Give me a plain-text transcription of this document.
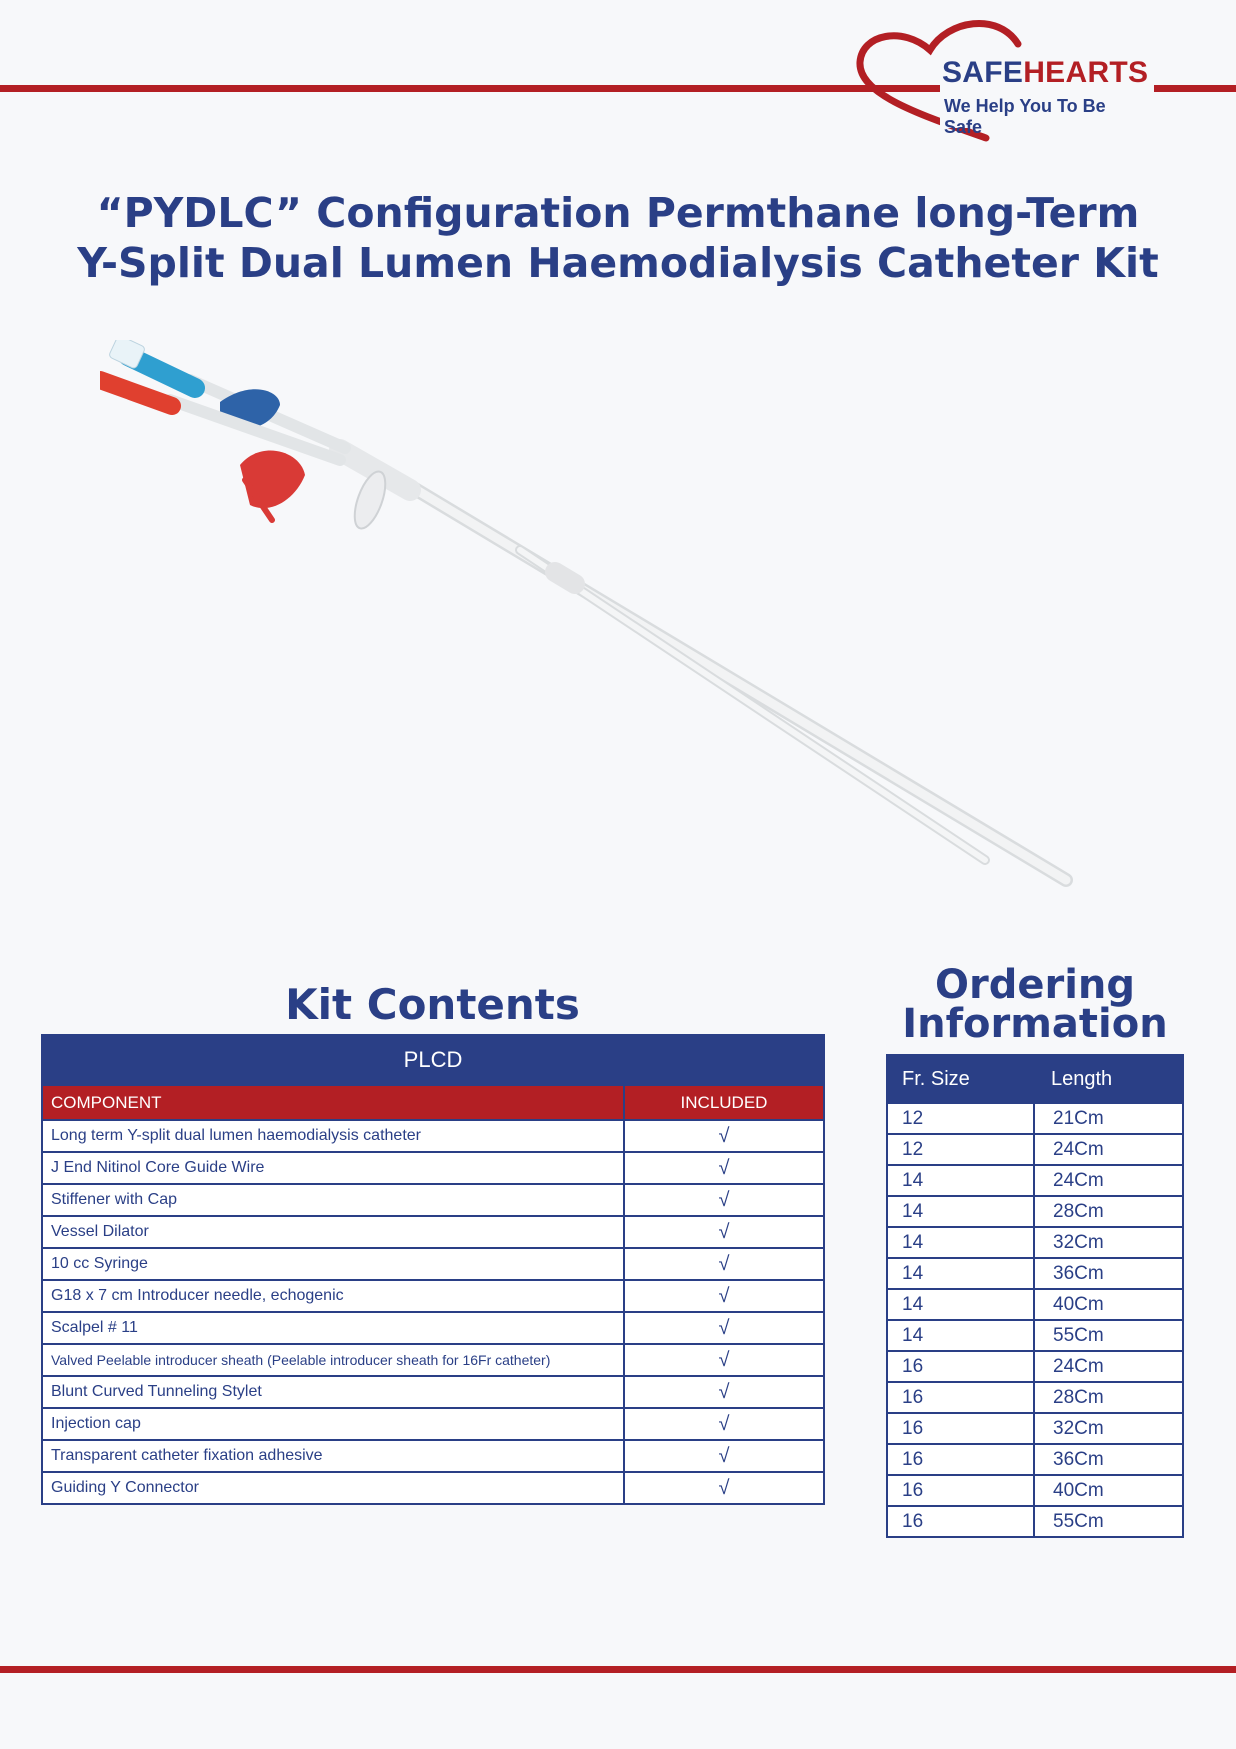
SAFEHEARTS
We Help You To Be Safe
“PYDLC” Configuration Permthane long-Term
Y-Split Dual Lumen Haemodialysis Catheter Kit
Kit Contents	Ordering
Information
PLCD	
COMPONENT	INCLUDED
Long term Y-split dual lumen haemodialysis catheter	√
J End Nitinol Core Guide Wire	√
Stiffener with Cap	√
Vessel Dilator	√
10 cc Syringe	√
G18 x 7 cm Introducer needle, echogenic	√
Scalpel # 11	√
Valved Peelable introducer sheath (Peelable introducer sheath for 16Fr catheter)	√
Blunt Curved Tunneling Stylet	√
Injection cap	√
Transparent catheter fixation adhesive	√
Guiding Y Connector	√
Fr. Size	Length
12	21Cm
12	24Cm
14	24Cm
14	28Cm
14	32Cm
14	36Cm
14	40Cm
14	55Cm
16	24Cm
16	28Cm
16	32Cm
16	36Cm
16	40Cm
16	55Cm
